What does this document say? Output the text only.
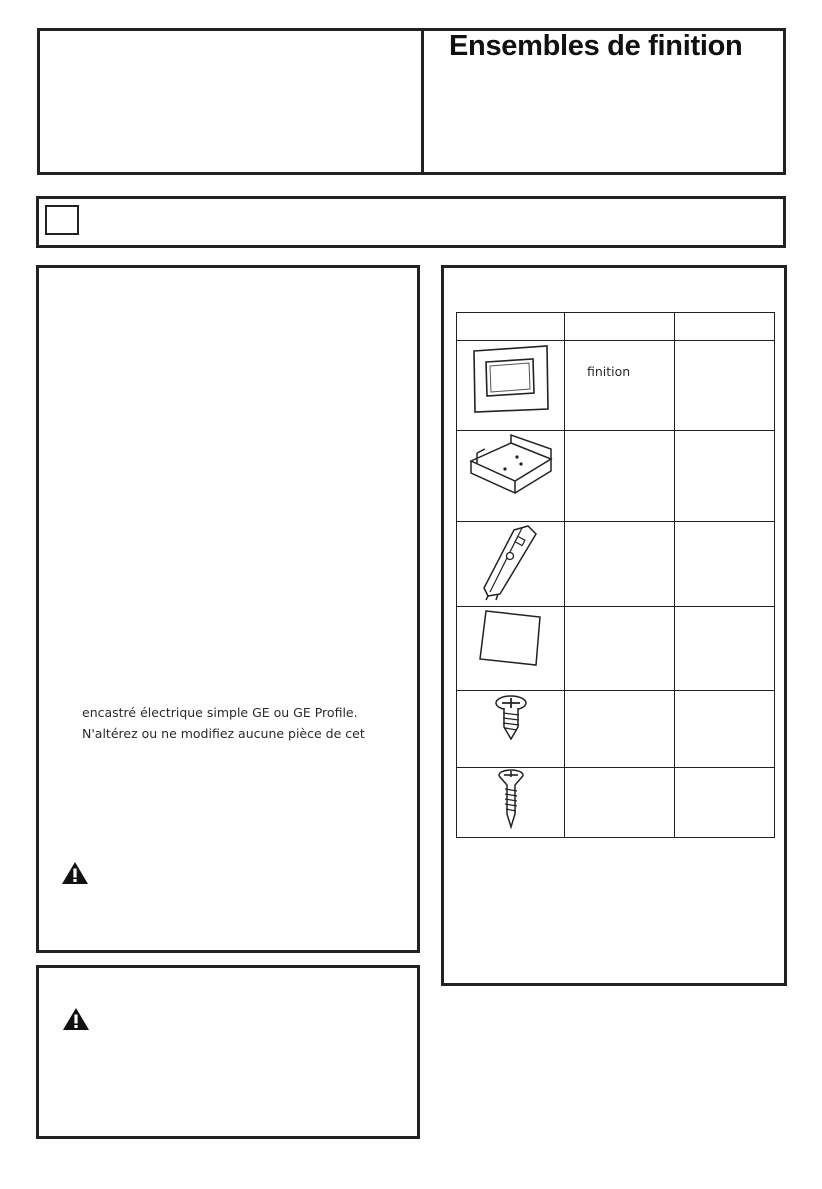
Ensembles de finition
encastré électrique simple GE ou GE Profile.
N'altérez ou ne modifiez aucune pièce de cet

finition	
